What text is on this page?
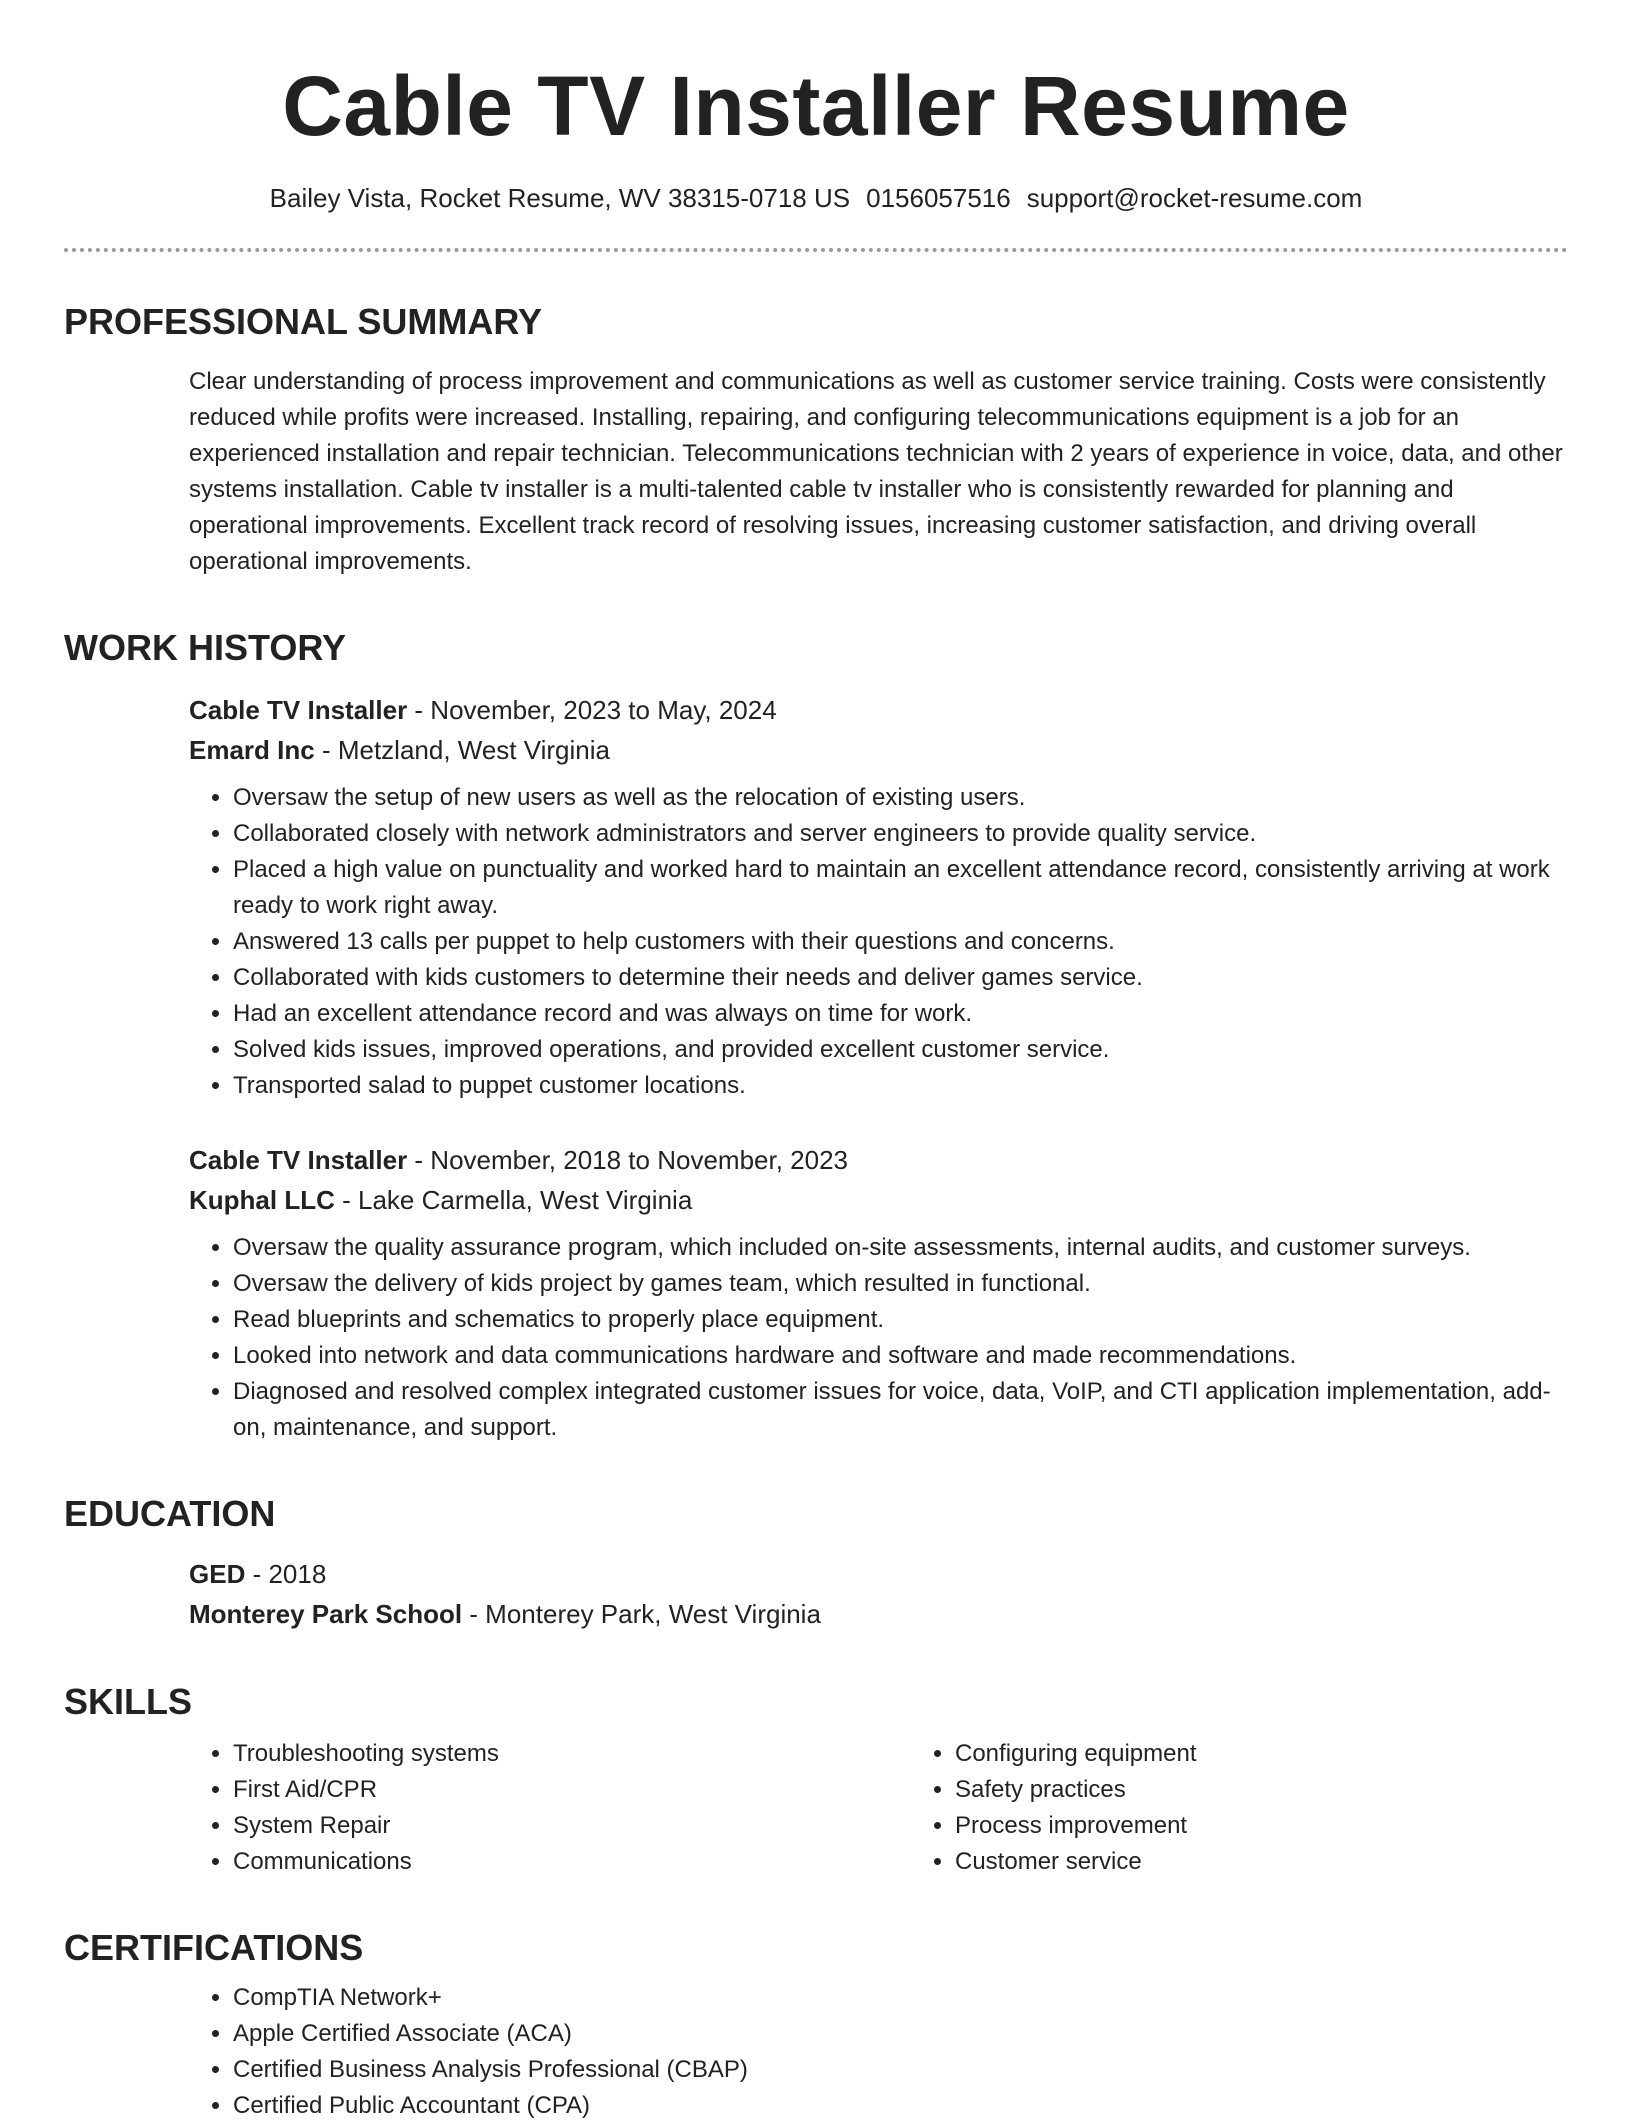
Cable TV Installer Resume
Bailey Vista, Rocket Resume, WV 38315-0718 US 0156057516 support@rocket-resume.com
PROFESSIONAL SUMMARY
Clear understanding of process improvement and communications as well as customer service training. Costs were consistently reduced while profits were increased. Installing, repairing, and configuring telecommunications equipment is a job for an experienced installation and repair technician. Telecommunications technician with 2 years of experience in voice, data, and other systems installation. Cable tv installer is a multi-talented cable tv installer who is consistently rewarded for planning and operational improvements. Excellent track record of resolving issues, increasing customer satisfaction, and driving overall operational improvements.
WORK HISTORY
Cable TV Installer - November, 2023 to May, 2024
Emard Inc - Metzland, West Virginia
• Oversaw the setup of new users as well as the relocation of existing users.
• Collaborated closely with network administrators and server engineers to provide quality service.
• Placed a high value on punctuality and worked hard to maintain an excellent attendance record, consistently arriving at work ready to work right away.
• Answered 13 calls per puppet to help customers with their questions and concerns.
• Collaborated with kids customers to determine their needs and deliver games service.
• Had an excellent attendance record and was always on time for work.
• Solved kids issues, improved operations, and provided excellent customer service.
• Transported salad to puppet customer locations.
Cable TV Installer - November, 2018 to November, 2023
Kuphal LLC - Lake Carmella, West Virginia
• Oversaw the quality assurance program, which included on-site assessments, internal audits, and customer surveys.
• Oversaw the delivery of kids project by games team, which resulted in functional.
• Read blueprints and schematics to properly place equipment.
• Looked into network and data communications hardware and software and made recommendations.
• Diagnosed and resolved complex integrated customer issues for voice, data, VoIP, and CTI application implementation, add-on, maintenance, and support.
EDUCATION
GED - 2018
Monterey Park School - Monterey Park, West Virginia
SKILLS
• Troubleshooting systems
• First Aid/CPR
• System Repair
• Communications
• Configuring equipment
• Safety practices
• Process improvement
• Customer service
CERTIFICATIONS
• CompTIA Network+
• Apple Certified Associate (ACA)
• Certified Business Analysis Professional (CBAP)
• Certified Public Accountant (CPA)
